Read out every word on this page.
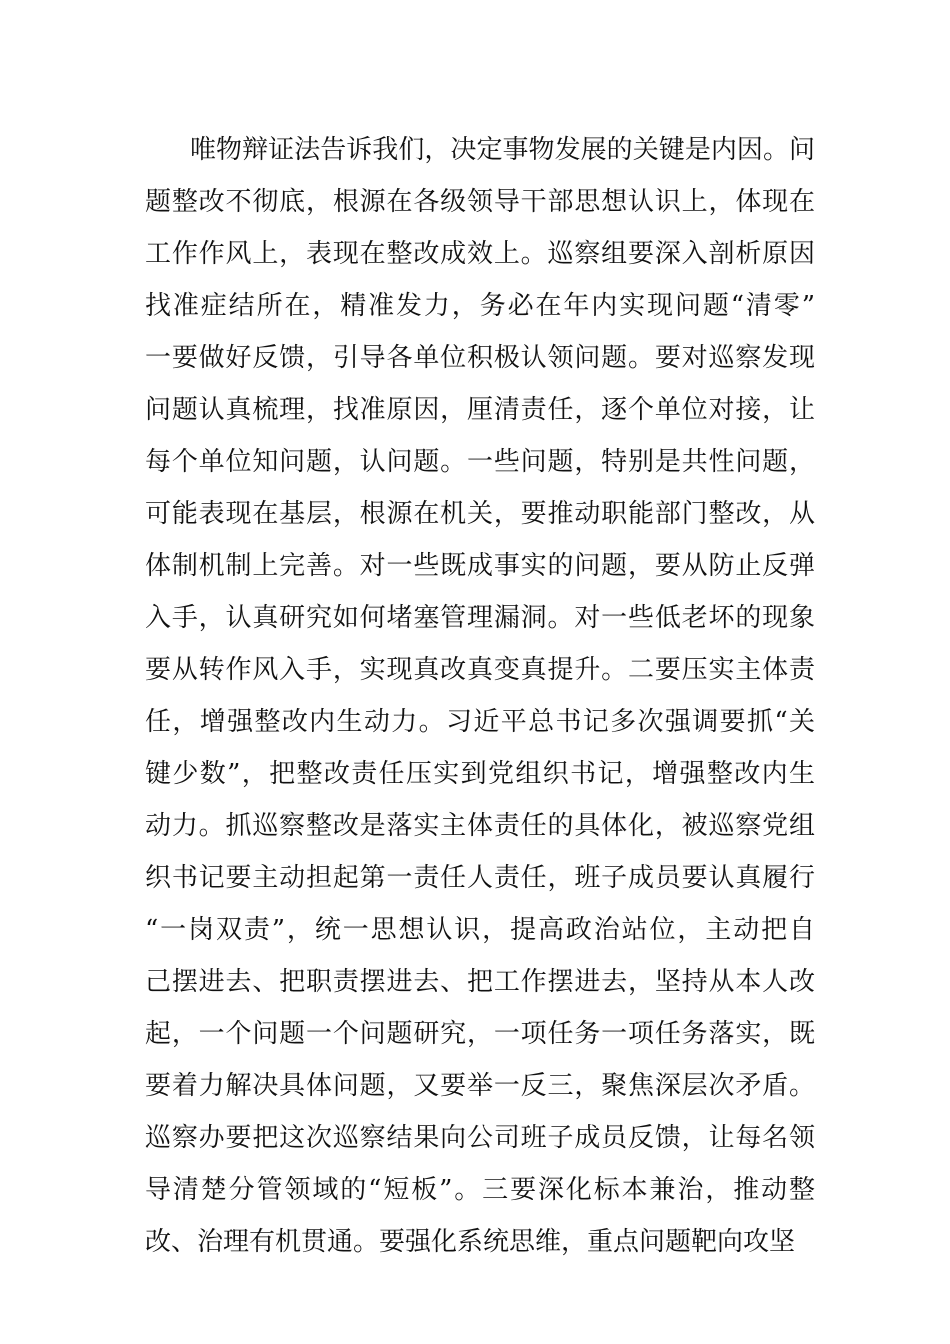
唯物辩证法告诉我们，决定事物发展的关键是内因。问
题整改不彻底，根源在各级领导干部思想认识上，体现在
工作作风上，表现在整改成效上。巡察组要深入剖析原因
找准症结所在，精准发力，务必在年内实现问题“清零”
一要做好反馈，引导各单位积极认领问题。要对巡察发现
问题认真梳理，找准原因，厘清责任，逐个单位对接，让
每个单位知问题，认问题。一些问题，特别是共性问题，
可能表现在基层，根源在机关，要推动职能部门整改，从
体制机制上完善。对一些既成事实的问题，要从防止反弹
入手，认真研究如何堵塞管理漏洞。对一些低老坏的现象
要从转作风入手，实现真改真变真提升。二要压实主体责
任，增强整改内生动力。习近平总书记多次强调要抓“关
键少数”，把整改责任压实到党组织书记，增强整改内生
动力。抓巡察整改是落实主体责任的具体化，被巡察党组
织书记要主动担起第一责任人责任，班子成员要认真履行
“一岗双责”，统一思想认识，提高政治站位，主动把自
己摆进去、把职责摆进去、把工作摆进去，坚持从本人改
起，一个问题一个问题研究，一项任务一项任务落实，既
要着力解决具体问题，又要举一反三，聚焦深层次矛盾。
巡察办要把这次巡察结果向公司班子成员反馈，让每名领
导清楚分管领域的“短板”。三要深化标本兼治，推动整
改、治理有机贯通。要强化系统思维，重点问题靶向攻坚
